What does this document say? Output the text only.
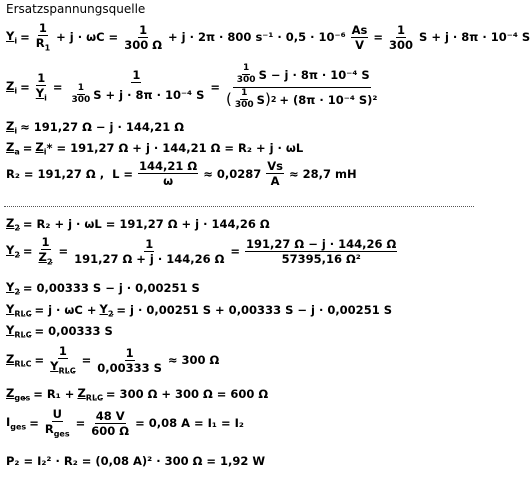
Ersatzspannungsquelle
$Y_i = \frac{1}{R_1} + j \cdot \omega C = \frac{1}{300 \Omega} + j \cdot 2\pi \cdot 800$ $s^{-1} \cdot 0,5 \cdot 10^{-6} \frac{As}{V} = \frac{1}{300}$ S + j · 8π · 10⁻⁴ S
$Z_i = \frac{1}{Y_i} = \frac{1}{\frac{1}{300} S + j \cdot 8\pi \cdot 10^{-4} S} = \frac{\frac{1}{300} S - j \cdot 8\pi \cdot 10^{-4} S}{( \frac{1}{300} S ) 2 + (8\pi \cdot 10^{-4} S)^2}$
$Z_i \approx 191,27$ Ω − j · 144,21 Ω
$Z_a = Z_i$ * = 191,27 Ω + j · 144,21 Ω = R₂ + j · ωL
R₂ = 191,27 Ω ,  $L = \frac{144,21 \Omega}{\omega} \approx 0,0287 \frac{Vs}{A} \approx 28,7$ mH
$Z_2 = R_2 + j \cdot \omega L = 191,27$ Ω + j · 144,26 Ω
$Y_2 = \frac{1}{Z_2} = \frac{1}{191,27 \Omega + j \cdot 144,26 \Omega} = \frac{191,27 \Omega - j \cdot 144,26 \Omega}{\text{57395,16 Ω²}}$
$Y_2 = 0,00333$ S − j · 0,00251 S
$Y_{RLC} = j \cdot \omega C + Y_2 = j \cdot 0,00251$ S + 0,00333 S − j · 0,00251 S
$Y_{RLC} = 0,00333$ S
$Z_{RLC} = \frac{1}{Y_{RLC}} = \frac{1}{0,00333 S} \approx 300$ Ω
$Z_{ges} = R_1 + Z_{RLC} = 300$ Ω + 300 Ω = 600 Ω
$I_{ges} = \frac{U}{R_{ges}} = \frac{48 V}{600 \Omega} = 0,08$ A = I₁ = I₂
P₂ = I₂² · R₂ = (0,08 A)² · 300 Ω = 1,92 W
